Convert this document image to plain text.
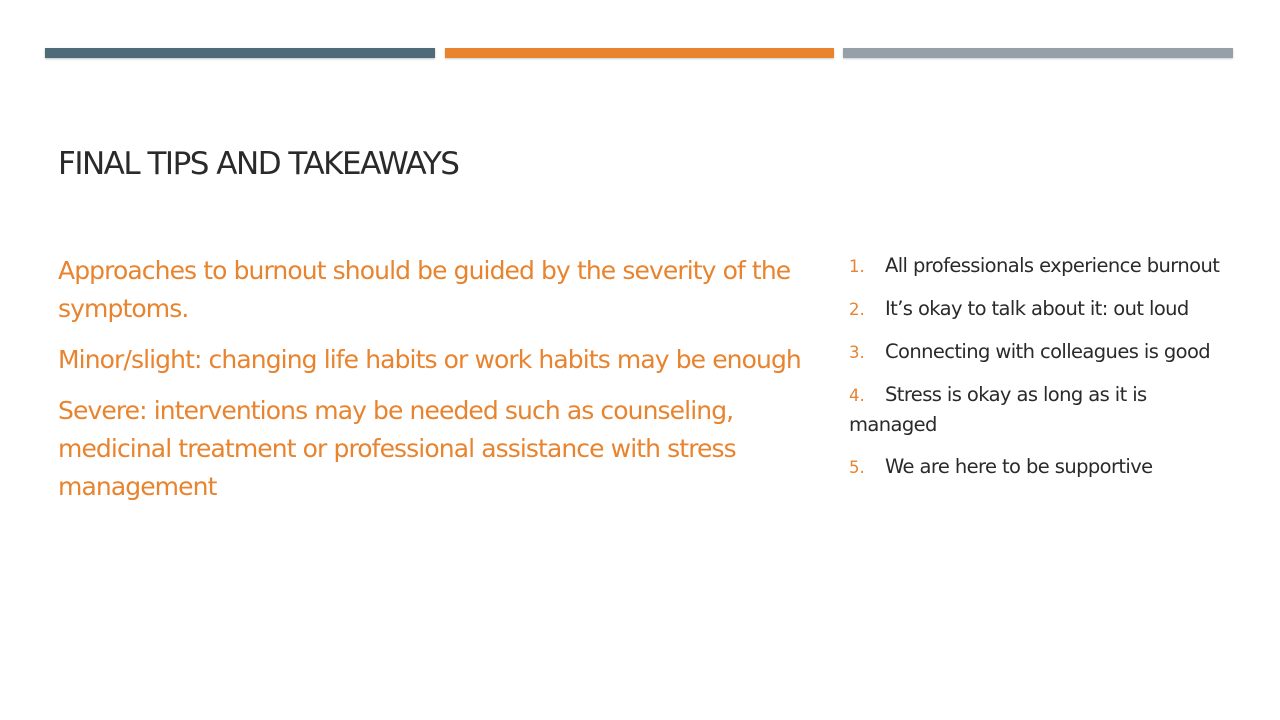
FINAL TIPS AND TAKEAWAYS

Approaches to burnout should be guided by the severity of the symptoms.

Minor/slight: changing life habits or work habits may be enough

Severe: interventions may be needed such as counseling, medicinal treatment or professional assistance with stress management

1. All professionals experience burnout
2. It’s okay to talk about it: out loud
3. Connecting with colleagues is good
4. Stress is okay as long as it is managed
5. We are here to be supportive
